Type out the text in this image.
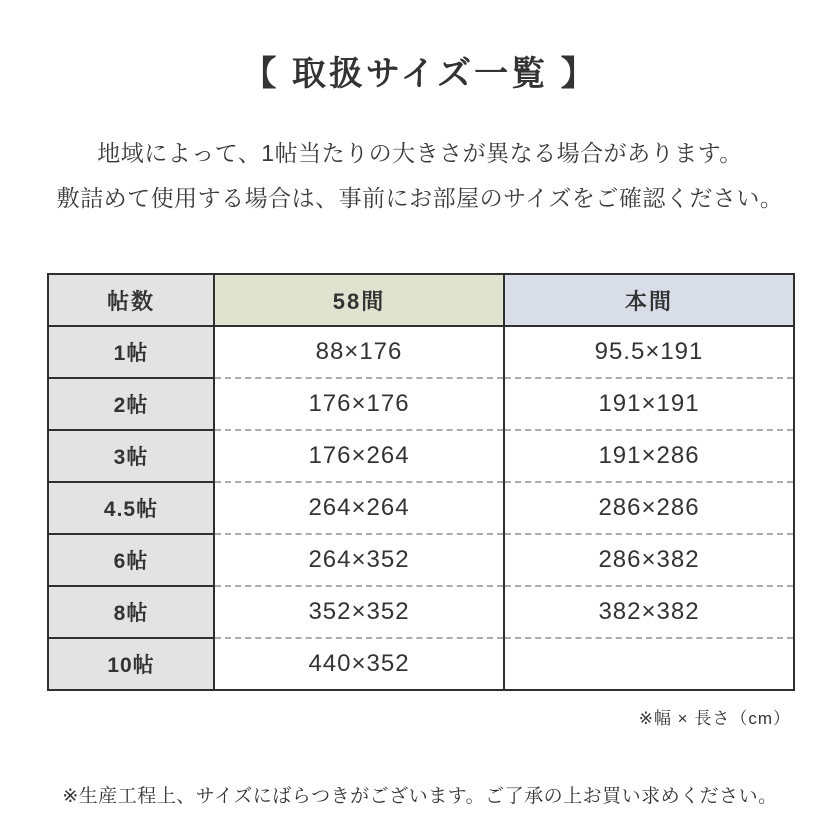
【 取扱サイズ一覧 】

地域によって、1帖当たりの大きさが異なる場合があります。

敷詰めて使用する場合は、事前にお部屋のサイズをご確認ください。

帖数	58間	本間
1帖	88×176	95.5×191
2帖	176×176	191×191
3帖	176×264	191×286
4.5帖	264×264	286×286
6帖	264×352	286×382
8帖	352×352	382×382
10帖	440×352	

※幅 × 長さ（cm）

※生産工程上、サイズにばらつきがございます。ご了承の上お買い求めください。
